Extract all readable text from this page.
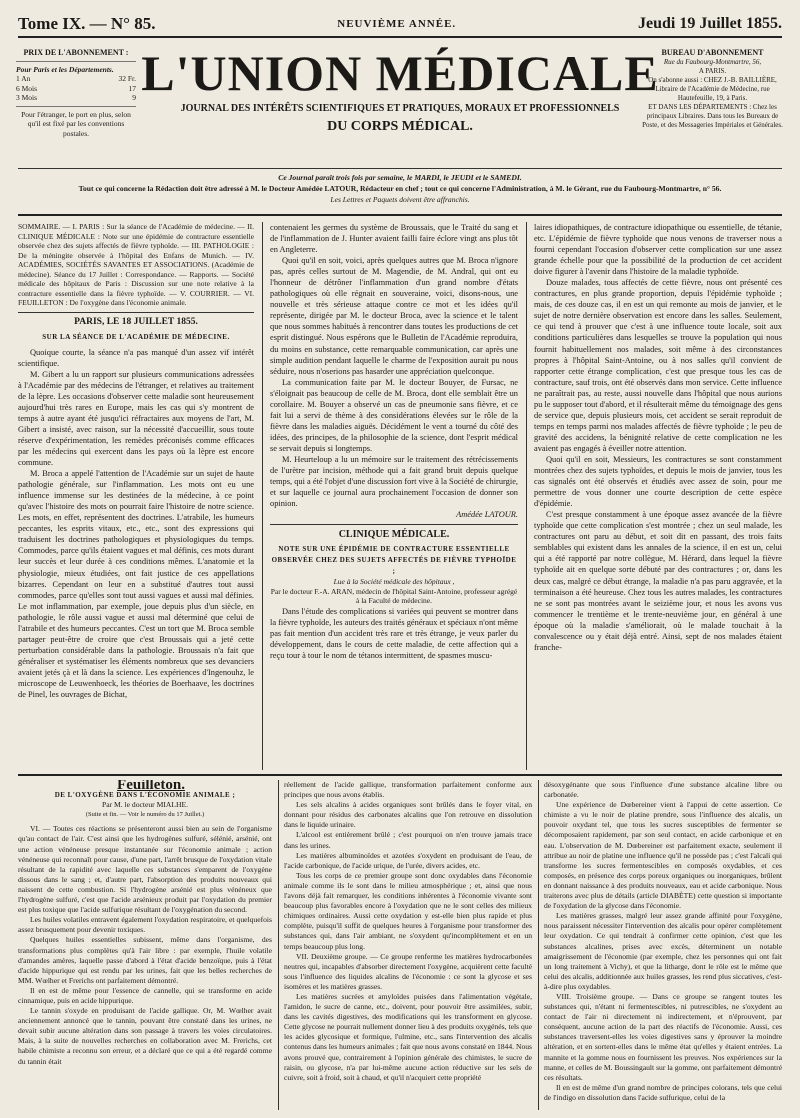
Tome IX. — N° 85.	NEUVIÈME ANNÉE.	Jeudi 19 Juillet 1855.
PRIX DE L'ABONNEMENT :
Pour Paris et les Départements.
1 An	32 Fr.
6 Mois	17
3 Mois	9
Pour l'étranger, le port en plus, selon qu'il est fixé par les conventions postales.
L'UNION MÉDICALE
JOURNAL DES INTÉRÊTS SCIENTIFIQUES ET PRATIQUES, MORAUX ET PROFESSIONNELS
DU CORPS MÉDICAL.
BUREAU D'ABONNEMENT
Rue du Faubourg-Montmartre, 56,
A PARIS.
On s'abonne aussi : CHEZ J.-B. BAILLIÈRE, Libraire de l'Académie de Médecine, rue Hautefeuille, 19, à Paris.
ET DANS LES DÉPARTEMENTS : Chez les principaux Libraires. Dans tous les Bureaux de Poste, et des Messageries Impériales et Générales.
Ce Journal paraît trois fois par semaine, le MARDI, le JEUDI et le SAMEDI.
Tout ce qui concerne la Rédaction doit être adressé à M. le Docteur Amédée LATOUR, Rédacteur en chef ; tout ce qui concerne l'Administration, à M. le Gérant, rue du Faubourg-Montmartre, n° 56.
Les Lettres et Paquets doivent être affranchis.

SOMMAIRE. — I. PARIS : Sur la séance de l'Académie de médecine. — II. CLINIQUE MÉDICALE : Note sur une épidémie de contracture essentielle observée chez des sujets affectés de fièvre typhoïde. — III. PATHOLOGIE : De la méningite observée à l'hôpital des Enfans de Munich. — IV. ACADÉMIES, SOCIÉTÉS SAVANTES ET ASSOCIATIONS. (Académie de médecine). Séance du 17 Juillet : Correspondance. — Rapports. — Société médicale des hôpitaux de Paris : Discussion sur une note relative à la contracture essentielle dans la fièvre typhoïde. — V. COURRIER. — VI. FEUILLETON : De l'oxygène dans l'économie animale.

PARIS, LE 18 JUILLET 1855.

SUR LA SÉANCE DE L'ACADÉMIE DE MÉDECINE.

Quoique courte, la séance n'a pas manqué d'un assez vif intérêt scientifique.

M. Gibert a lu un rapport sur plusieurs communications adressées à l'Académie par des médecins de l'étranger, et relatives au traitement de la lèpre. Les occasions d'observer cette maladie sont heureusement aujourd'hui très rares en Europe, mais les cas qui s'y montrent de temps à autre ayant été jusqu'ici réfractaires aux moyens de l'art, M. Gibert a insisté, avec raison, sur la nécessité d'accueillir, sous toute réserve d'expérimentation, les remèdes préconisés comme efficaces par les médecins qui exercent dans les pays où la lèpre est encore commune.

M. Broca a appelé l'attention de l'Académie sur un sujet de haute pathologie générale, sur l'inflammation. Les mots ont eu une influence immense sur les destinées de la médecine, à ce point qu'avec l'histoire des mots on pourrait faire l'histoire de notre science. Les mots, en effet, représentent des doctrines. L'atrabile, les humeurs peccantes, les esprits vitaux, etc., etc., sont des expressions qui traduisent les doctrines pathologiques et physiologiques du temps. Commodes, parce qu'ils étaient vagues et mal définis, ces mots durant leur succès et leur durée à ces conditions mêmes. L'anatomie et la physiologie, mieux étudiées, ont fait justice de ces appellations bizarres. Cependant on leur en a substitué d'autres tout aussi commodes, parce qu'elles sont tout aussi vagues et aussi mal définies. Le mot inflammation, par exemple, joue depuis plus d'un siècle, en pathologie, le rôle aussi vague et aussi mal déterminé que celui de l'atrabile et des humeurs peccantes. C'est un tort que M. Broca semble partager peut-être de croire que c'est Broussais qui a jeté cette perturbation considérable dans la pathologie. Broussais n'a fait que généraliser et systématiser les éléments nombreux que ses devanciers avaient jetés çà et là dans la science. Les expériences d'Ingenouhz, le microscope de Leuwenhoeck, les théories de Boerhaave, les doctrines de Pinel, les ouvrages de Bichat,

contenaient les germes du système de Broussais, que le Traité du sang et de l'inflammation de J. Hunter avaient failli faire éclore vingt ans plus tôt en Angleterre.

Quoi qu'il en soit, voici, après quelques autres que M. Broca n'ignore pas, après celles surtout de M. Magendie, de M. Andral, qui ont eu l'honneur de détrôner l'inflammation d'un grand nombre d'états pathologiques où elle régnait en souveraine, voici, disons-nous, une nouvelle et très sérieuse attaque contre ce mot et les idées qu'il représente, dirigée par M. le docteur Broca, avec la science et le talent que nous sommes habitués à rencontrer dans toutes les productions de cet esprit distingué. Nous espérons que le Bulletin de l'Académie reproduira, du moins en substance, cette remarquable communication, car après une simple audition pendant laquelle le charme de l'exposition aurait pu nous séduire, nous n'oserions pas hasarder une appréciation quelconque.

La communication faite par M. le docteur Bouyer, de Fursac, ne s'éloignait pas beaucoup de celle de M. Broca, dont elle semblait être un corollaire. M. Bouyer a observé un cas de pneumonie sans fièvre, et ce fait lui a servi de thème à des considérations élevées sur le rôle de la fièvre dans les maladies aiguës. Décidément le vent a tourné du côté des idées, des principes, de la philosophie de la science, dont l'esprit médical se servait depuis si longtemps.

M. Heurteloup a lu un mémoire sur le traitement des rétrécissements de l'urètre par incision, méthode qui a fait grand bruit depuis quelque temps, qui a été l'objet d'une discussion fort vive à la Société de chirurgie, et sur laquelle ce journal aura prochainement l'occasion de donner son opinion.

Amédée LATOUR.

CLINIQUE MÉDICALE.

NOTE SUR UNE ÉPIDÉMIE DE CONTRACTURE ESSENTIELLE OBSERVÉE CHEZ DES SUJETS AFFECTÉS DE FIÈVRE TYPHOÏDE ;

Lue à la Société médicale des hôpitaux ,

Par le docteur F.-A. ARAN, médecin de l'hôpital Saint-Antoine, professeur agrégé à la Faculté de médecine.

Dans l'étude des complications si variées qui peuvent se montrer dans la fièvre typhoïde, les auteurs des traités généraux et spéciaux n'ont même pas fait mention d'un accident très rare et très étrange, je veux parler du développement, dans le cours de cette maladie, de cette affection qui a reçu tour à tour le nom de tétanos intermittent, de spasmes muscu-

laires idiopathiques, de contracture idiopathique ou essentielle, de tétanie, etc. L'épidémie de fièvre typhoïde que nous venons de traverser nous a fourni cependant l'occasion d'observer cette complication sur une assez grande échelle pour que la possibilité de la production de cet accident doive figurer à l'avenir dans l'histoire de la maladie typhoïde.

Douze malades, tous affectés de cette fièvre, nous ont présenté ces contractures, en plus grande proportion, depuis l'épidémie typhoïde ; mais, de ces douze cas, il en est un qui remonte au mois de janvier, et le sujet de notre dernière observation est encore dans les salles. Seulement, ce qui tend à prouver que c'est à une influence toute locale, soit aux conditions particulières dans lesquelles se trouve la population qui nous fournit habituellement nos malades, soit même à des circonstances propres à l'hôpital Saint-Antoine, ou à nos salles qu'il convient de rapporter cette étrange complication, c'est que presque tous les cas de contracture, sauf trois, ont été observés dans mon service. Cette influence ne paraîtrait pas, au reste, aussi nouvelle dans l'hôpital que nous aurions pu le supposer tout d'abord, et il résulterait même du témoignage des gens de service que, depuis plusieurs mois, cet accident se serait reproduit de temps en temps parmi nos malades affectés de fièvre typhoïde ; le peu de gravité des accidens, la bénignité relative de cette complication ne les avaient pas engagés à éveiller notre attention.

Quoi qu'il en soit, Messieurs, les contractures se sont constamment montrées chez des sujets typhoïdes, et depuis le mois de janvier, tous les cas signalés ont été observés et étudiés avec assez de soin, pour me permettre de vous donner une courte description de cette espèce d'épidémie.

C'est presque constamment à une époque assez avancée de la fièvre typhoïde que cette complication s'est montrée ; chez un seul malade, les contractures ont paru au début, et soit dit en passant, des trois faits semblables qui existent dans les annales de la science, il en est un, celui qui a été rapporté par notre collègue, M. Hérard, dans lequel la fièvre typhoïde ait en quelque sorte débuté par des contractures ; or, dans les deux cas, malgré ce début étrange, la maladie n'a pas paru aggravée, et la terminaison a été heureuse. Chez tous les autres malades, les contractures ne se sont pas montrées avant le seizième jour, et nous les avons vus commencer le trentième et le trente-neuvième jour, en général à une époque où la maladie s'améliorait, où le malade touchait à la convalescence ou y était déjà entré. Ainsi, sept de nos malades étaient franche-

Feuilleton.

DE L'OXYGÈNE DANS L'ÉCONOMIE ANIMALE ;

Par M. le docteur MIALHE.

(Suite et fin. — Voir le numéro du 17 Juillet.)

VI. — Toutes ces réactions se présenteront aussi bien au sein de l'organisme qu'au contact de l'air. C'est ainsi que les hydrogènes sulfuré, sélénié, arsénié, ont une action vénéneuse presque instantanée sur l'économie animale ; action vénéneuse qui reconnaît pour cause, d'une part, l'arrêt brusque de l'oxydation vitale résultant de la rapidité avec laquelle ces substances s'emparent de l'oxygène dissous dans le sang ; et, d'autre part, l'absorption des produits nouveaux qui naissent de cette combustion. Si l'hydrogène arsénié est plus vénéneux que l'hydrogène sulfuré, c'est que l'acide arsénieux produit par l'oxydation du premier est plus toxique que l'acide sulfurique résultant de l'oxygénation du second.

Les huiles volatiles entravent également l'oxydation respiratoire, et quelquefois assez brusquement pour devenir toxiques.

Quelques huiles essentielles subissent, même dans l'organisme, des transformations plus complètes qu'à l'air libre : par exemple, l'huile volatile d'amandes amères, laquelle passe d'abord à l'état d'acide benzoïque, puis à l'état d'acide hippurique qui est rendu par les urines, fait que les belles recherches de MM. Wœlher et Frerichs ont parfaitement démontré.

Il en est de même pour l'essence de cannelle, qui se transforme en acide cinnamique, puis en acide hippurique.

Le tannin s'oxyde en produisant de l'acide gallique. Or, M. Wœlher avait anciennement annoncé que le tannin, pouvant être constaté dans les urines, ne devait subir aucune altération dans son passage à travers les voies circulatoires. Mais, à la suite de nouvelles recherches en collaboration avec M. Frerichs, cet habile chimiste a reconnu son erreur, et a déclaré que ce qui a été regardé comme du tannin était

réellement de l'acide gallique, transformation parfaitement conforme aux principes que nous avons établis.

Les sels alcalins à acides organiques sont brûlés dans le foyer vital, en donnant pour résidus des carbonates alcalins que l'on retrouve en dissolution dans le liquide urinaire.

L'alcool est entièrement brûlé ; c'est pourquoi on n'en trouve jamais trace dans les urines.

Les matières albuminoïdes et azotées s'oxydent en produisant de l'eau, de l'acide carbonique, de l'acide urique, de l'urée, divers acides, etc.

Tous les corps de ce premier groupe sont donc oxydables dans l'économie animale comme ils le sont dans le milieu atmosphérique ; et, ainsi que nous l'avons déjà fait remarquer, les conditions inhérentes à l'économie vivante sont beaucoup plus favorables encore à l'oxydation que ne le sont celles des milieux chimiques ordinaires. Aussi cette oxydation y est-elle bien plus rapide et plus complète, puisqu'il suffit de quelques heures à l'organisme pour transformer des substances qui, dans l'air ambiant, ne s'oxydent qu'incomplètement et en un temps beaucoup plus long.

VII. Deuxième groupe. — Ce groupe renferme les matières hydrocarbonées neutres qui, incapables d'absorber directement l'oxygène, acquièrent cette faculté sous l'influence des liquides alcalins de l'économie : ce sont la glycose et ses isomères et les matières grasses.

Les matières sucrées et amyloïdes puisées dans l'alimentation végétale, l'amidon, le sucre de canne, etc., doivent, pour pouvoir être assimilées, subir, dans les cavités digestives, des modifications qui les transforment en glycose. Cette glycose ne pourrait nullement donner lieu à des produits oxygénés, tels que les acides glycosique et formique, l'ulmine, etc., sans l'intervention des alcalis contenus dans les humeurs animales ; fait que nous avons constaté en 1844. Nous avons prouvé que, contrairement à l'opinion générale des chimistes, le sucre de raisin, ou glycose, n'a par lui-même aucune action réductive sur les sels de cuivre, soit à froid, soit à chaud, et qu'il n'acquiert cette propriété

désoxygénante que sous l'influence d'une substance alcaline libre ou carbonatée.

Une expérience de Dœbereiner vient à l'appui de cette assertion. Ce chimiste a vu le noir de platine prendre, sous l'influence des alcalis, un pouvoir oxydant tel, que tous les sucres susceptibles de fermenter se décomposaient rapidement, par son seul contact, en acide carbonique et en eau. L'observation de M. Dœbereiner est parfaitement exacte, seulement il attribue au noir de platine une influence qu'il ne possède pas ; c'est l'alcali qui transforme les sucres fermentescibles en composés oxydables, et ces composés, en présence des corps poreux organiques ou inorganiques, brûlent en donnant naissance à des produits nouveaux, eau et acide carbonique. Nous traiterons avec plus de détails (article DIABÈTE) cette question si importante de l'oxydation de la glycose dans l'économie.

Les matières grasses, malgré leur assez grande affinité pour l'oxygène, nous paraissent nécessiter l'intervention des alcalis pour opérer complètement leur oxydation. Ce qui tendrait à confirmer cette opinion, c'est que les substances alcalines, prises avec excès, déterminent un notable amaigrissement de l'économie (par exemple, chez les personnes qui ont fait un long traitement à Vichy), et que la litharge, dont le rôle est le même que celui des alcalis, additionnée aux huiles grasses, les rend plus siccatives, c'est-à-dire plus oxydables.

VIII. Troisième groupe. — Dans ce groupe se rangent toutes les substances qui, n'étant ni fermentescibles, ni putrescibles, ne s'oxydent au contact de l'air ni directement ni indirectement, et n'éprouvent, par conséquent, aucune action de la part des réactifs de l'économie. Aussi, ces substances traversent-elles les voies digestives sans y éprouver la moindre altération, et en sortent-elles dans le même état qu'elles y étaient entrées. La mannite et la gomme nous en fournissent les preuves. Nos expériences sur la manne, et celles de M. Boussingault sur la gomme, ont parfaitement démontré ces résultats.

Il en est de même d'un grand nombre de principes colorans, tels que celui de l'indigo en dissolution dans l'acide sulfurique, celui de la
